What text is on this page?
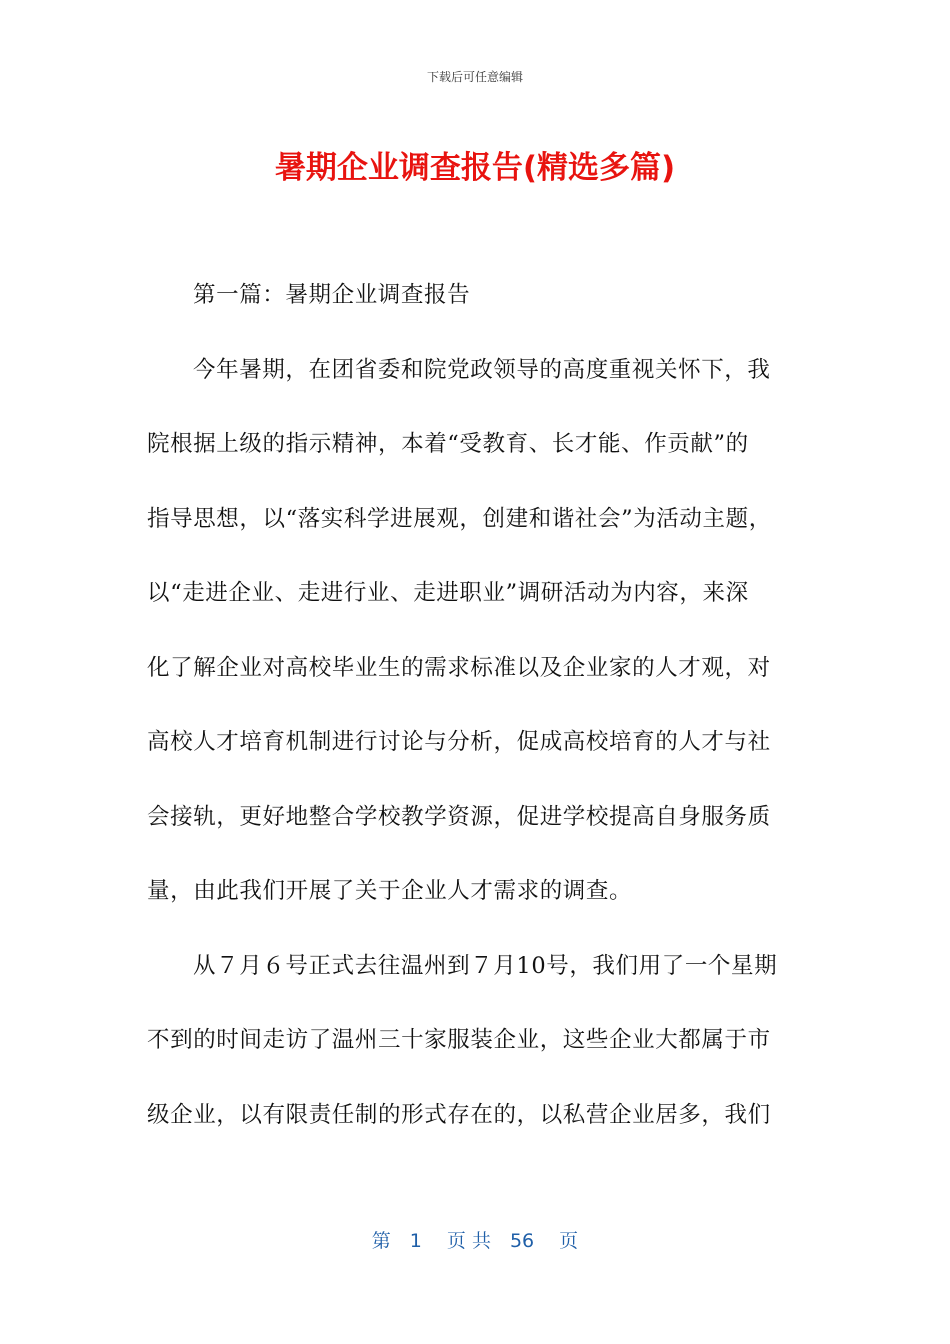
下载后可任意编辑
暑期企业调查报告(精选多篇)
第一篇：暑期企业调查报告
今年暑期，在团省委和院党政领导的高度重视关怀下，我
院根据上级的指示精神，本着“受教育、长才能、作贡献”的
指导思想，以“落实科学进展观，创建和谐社会”为活动主题，
以“走进企业、走进行业、走进职业”调研活动为内容，来深
化了解企业对高校毕业生的需求标准以及企业家的人才观，对
高校人才培育机制进行讨论与分析，促成高校培育的人才与社
会接轨，更好地整合学校教学资源，促进学校提高自身服务质
量，由此我们开展了关于企业人才需求的调查。
从７月６号正式去往温州到７月10号，我们用了一个星期
不到的时间走访了温州三十家服装企业，这些企业大都属于市
级企业，以有限责任制的形式存在的，以私营企业居多，我们
第　1　 页 共　56　 页
